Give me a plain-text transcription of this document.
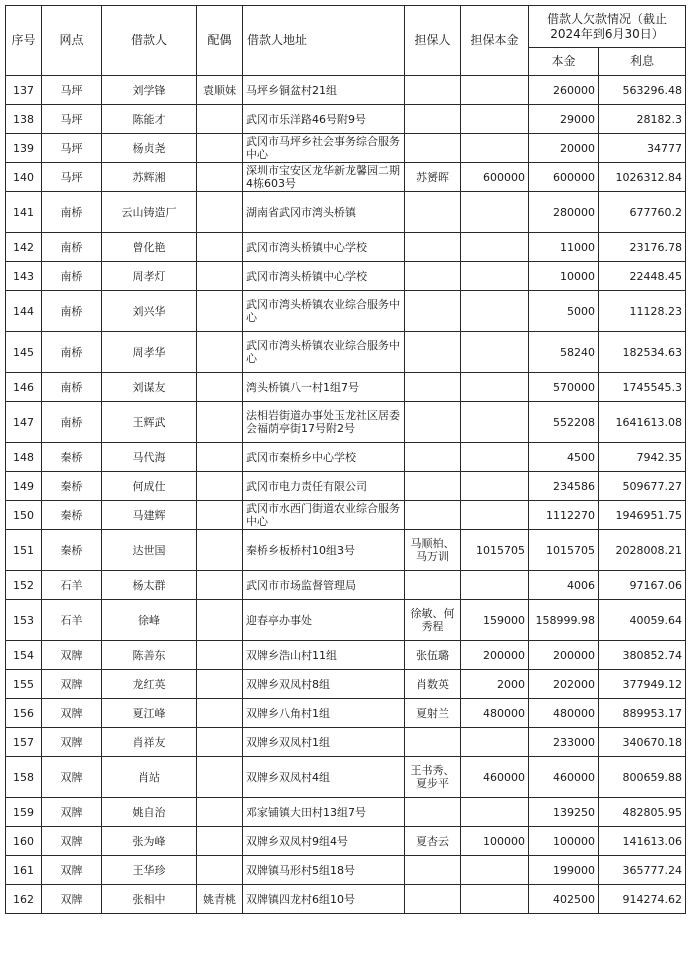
序号	网点	借款人	配偶	借款人地址	担保人	担保本金	借款人欠款情况（截止2024年到6月30日）	
							本金	利息
137	马坪	刘学锋	袁顺妹	马坪乡铜盆村21组			260000	563296.48
138	马坪	陈能才		武冈市乐洋路46号附9号			29000	28182.3
139	马坪	杨贞尧		武冈市马坪乡社会事务综合服务中心			20000	34777
140	马坪	苏辉湘		深圳市宝安区龙华新龙馨园二期4栋603号	苏赟晖	600000	600000	1026312.84
141	南桥	云山铸造厂		湖南省武冈市湾头桥镇			280000	677760.2
142	南桥	曾化艳		武冈市湾头桥镇中心学校			11000	23176.78
143	南桥	周孝灯		武冈市湾头桥镇中心学校			10000	22448.45
144	南桥	刘兴华		武冈市湾头桥镇农业综合服务中心			5000	11128.23
145	南桥	周孝华		武冈市湾头桥镇农业综合服务中心			58240	182534.63
146	南桥	刘谋友		湾头桥镇八一村1组7号			570000	1745545.3
147	南桥	王辉武		法相岩街道办事处玉龙社区居委会福荫亭街17号附2号			552208	1641613.08
148	秦桥	马代海		武冈市秦桥乡中心学校			4500	7942.35
149	秦桥	何成仕		武冈市电力责任有限公司			234586	509677.27
150	秦桥	马建辉		武冈市水西门街道农业综合服务中心			1112270	1946951.75
151	秦桥	达世国		秦桥乡板桥村10组3号	马顺柏、马万训	1015705	1015705	2028008.21
152	石羊	杨太群		武冈市市场监督管理局			4006	97167.06
153	石羊	徐峰		迎春亭办事处	徐敏、何秀程	159000	158999.98	40059.64
154	双牌	陈善东		双牌乡浩山村11组	张伍璐	200000	200000	380852.74
155	双牌	龙红英		双牌乡双凤村8组	肖数英	2000	202000	377949.12
156	双牌	夏江峰		双牌乡八角村1组	夏射兰	480000	480000	889953.17
157	双牌	肖祥友		双牌乡双凤村1组			233000	340670.18
158	双牌	肖站		双牌乡双凤村4组	王书秀、夏步平	460000	460000	800659.88
159	双牌	姚自治		邓家铺镇大田村13组7号			139250	482805.95
160	双牌	张为峰		双牌乡双凤村9组4号	夏杏云	100000	100000	141613.06
161	双牌	王华珍		双牌镇马形村5组18号			199000	365777.24
162	双牌	张相中	姚青桃	双牌镇四龙村6组10号			402500	914274.62
